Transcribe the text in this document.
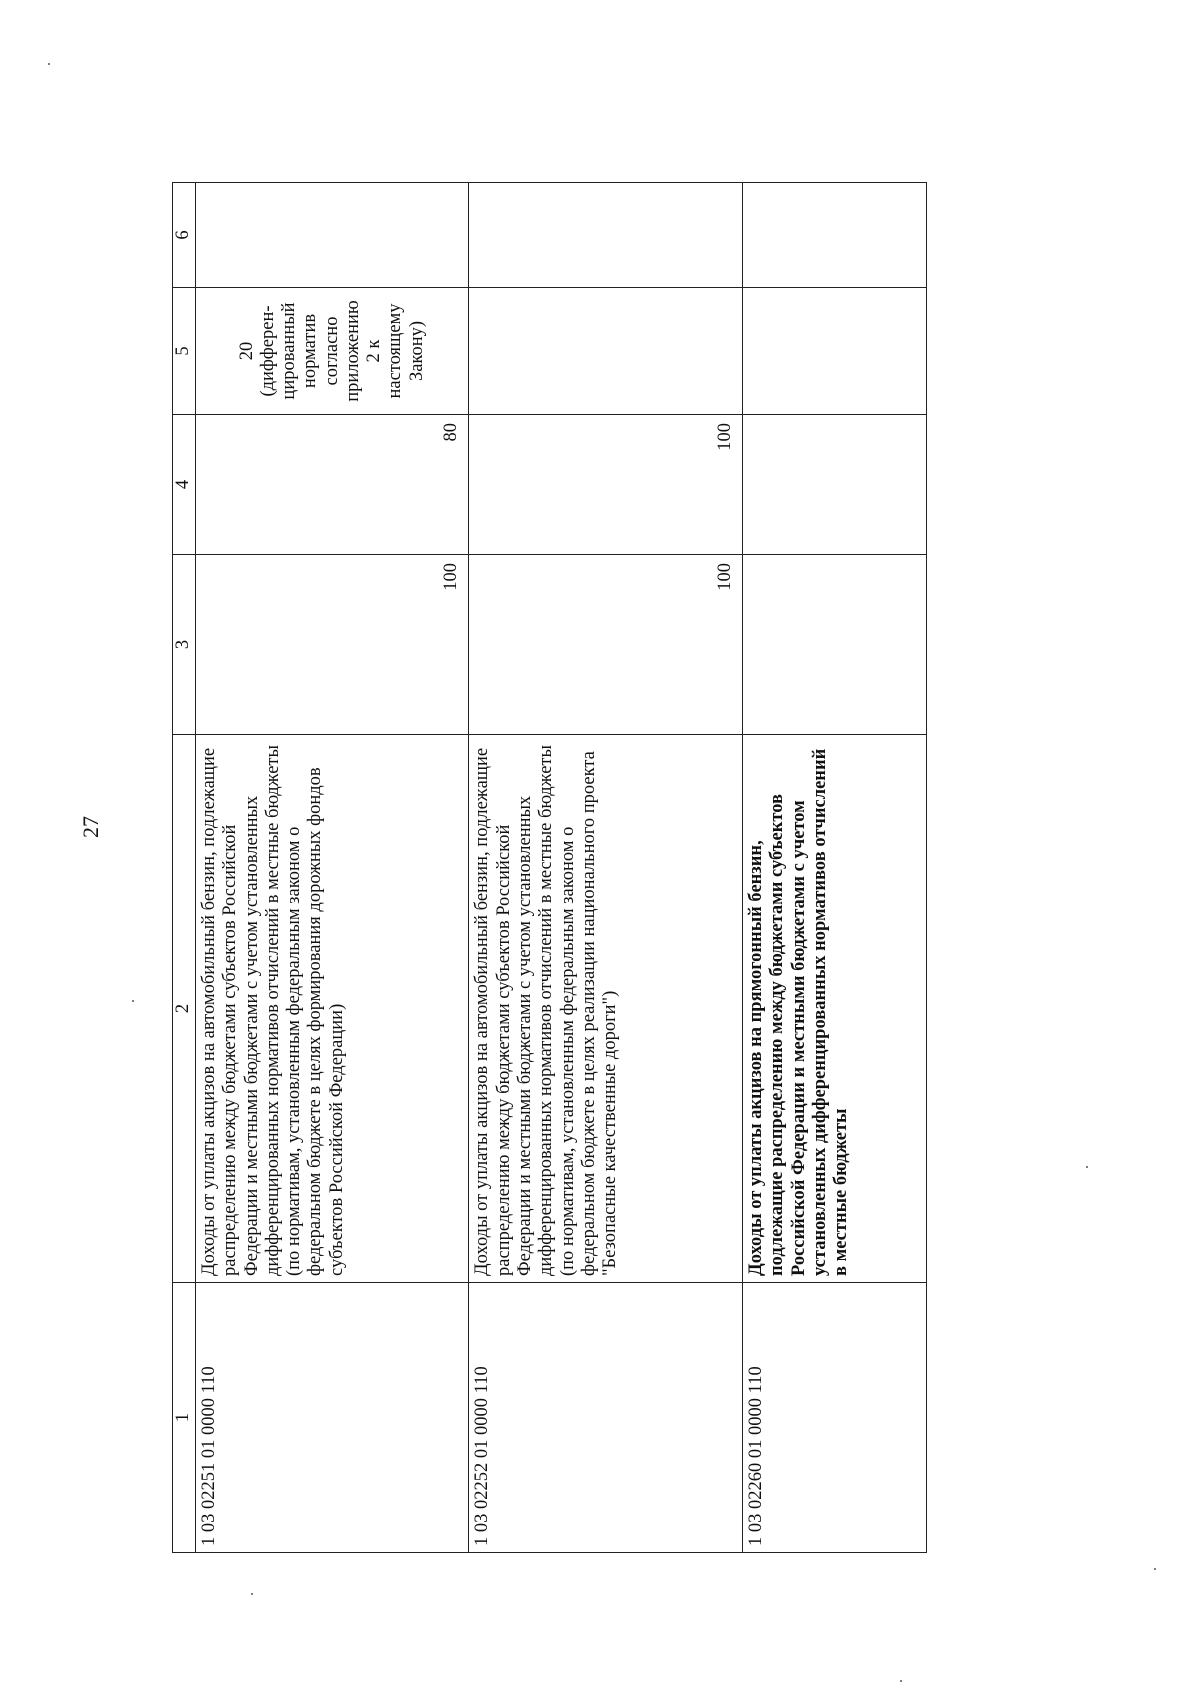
27
1	2	3	4	5	6
1 03 02251 01 0000 110	Доходы от уплаты акцизов на автомобильный бензин, подлежащие распределению между бюджетами субъектов Российской Федерации и местными бюджетами с учетом установленных дифференцированных нормативов отчислений в местные бюджеты (по нормативам, установленным федеральным законом о федеральном бюджете в целях формирования дорожных фондов субъектов Российской Федерации)	100	80	20 (дифферен-цированный норматив согласно приложению 2 к настоящему Закону)	
1 03 02252 01 0000 110	Доходы от уплаты акцизов на автомобильный бензин, подлежащие распределению между бюджетами субъектов Российской Федерации и местными бюджетами с учетом установленных дифференцированных нормативов отчислений в местные бюджеты (по нормативам, установленным федеральным законом о федеральном бюджете в целях реализации национального проекта "Безопасные качественные дороги")	100	100		
1 03 02260 01 0000 110	Доходы от уплаты акцизов на прямогонный бензин, подлежащие распределению между бюджетами субъектов Российской Федерации и местными бюджетами с учетом установленных дифференцированных нормативов отчислений в местные бюджеты				
